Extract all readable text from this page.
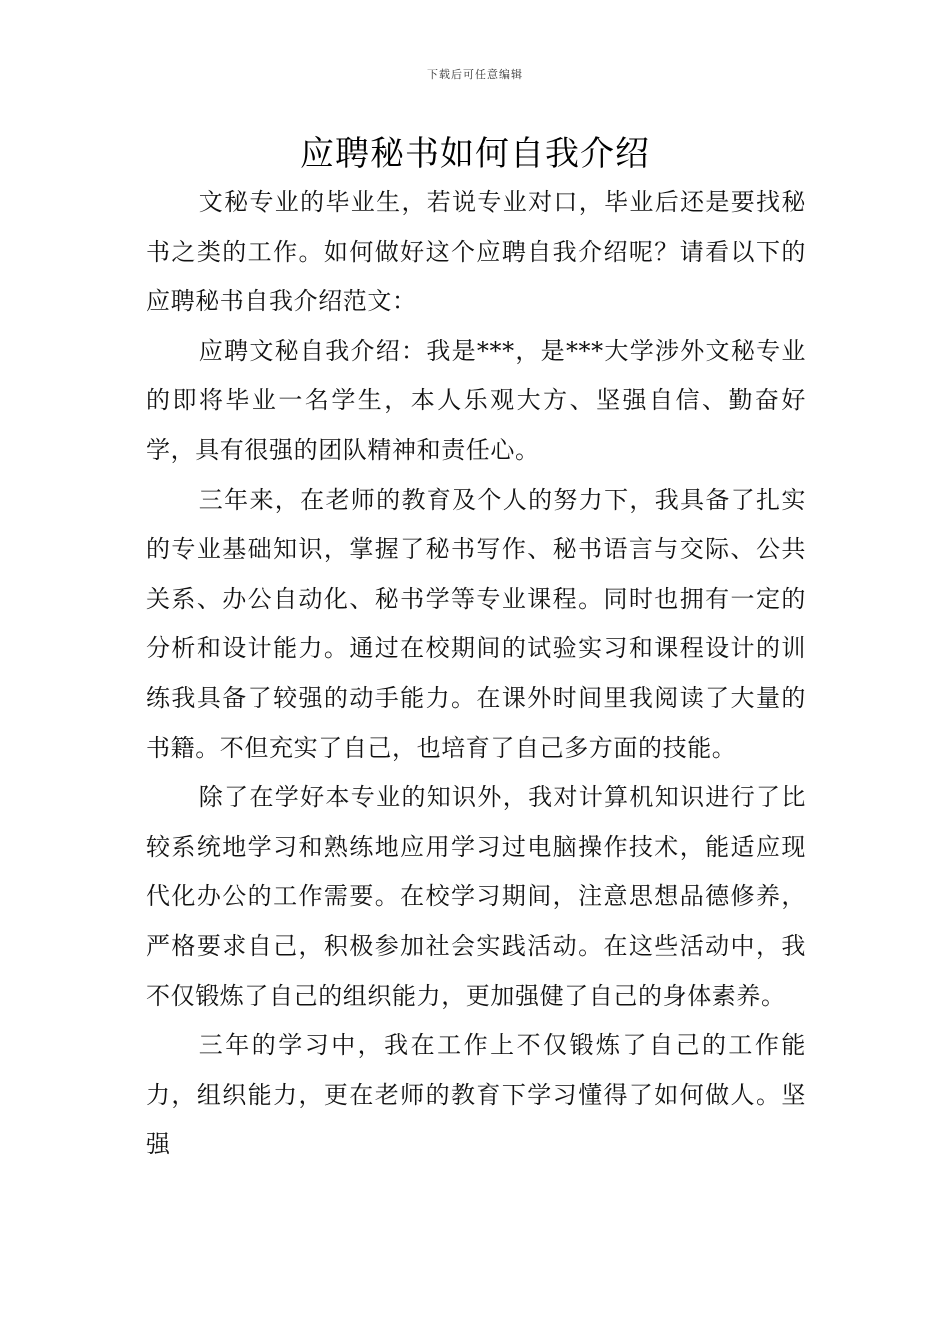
下载后可任意编辑
应聘秘书如何自我介绍

文秘专业的毕业生，若说专业对口，毕业后还是要找秘书之类的工作。如何做好这个应聘自我介绍呢？请看以下的应聘秘书自我介绍范文：

应聘文秘自我介绍：我是***，是***大学涉外文秘专业的即将毕业一名学生，本人乐观大方、坚强自信、勤奋好学，具有很强的团队精神和责任心。

三年来，在老师的教育及个人的努力下，我具备了扎实的专业基础知识，掌握了秘书写作、秘书语言与交际、公共关系、办公自动化、秘书学等专业课程。同时也拥有一定的分析和设计能力。通过在校期间的试验实习和课程设计的训练我具备了较强的动手能力。在课外时间里我阅读了大量的书籍。不但充实了自己，也培育了自己多方面的技能。

除了在学好本专业的知识外，我对计算机知识进行了比较系统地学习和熟练地应用学习过电脑操作技术，能适应现代化办公的工作需要。在校学习期间，注意思想品德修养，严格要求自己，积极参加社会实践活动。在这些活动中，我不仅锻炼了自己的组织能力，更加强健了自己的身体素养。

三年的学习中，我在工作上不仅锻炼了自己的工作能力，组织能力，更在老师的教育下学习懂得了如何做人。坚强
